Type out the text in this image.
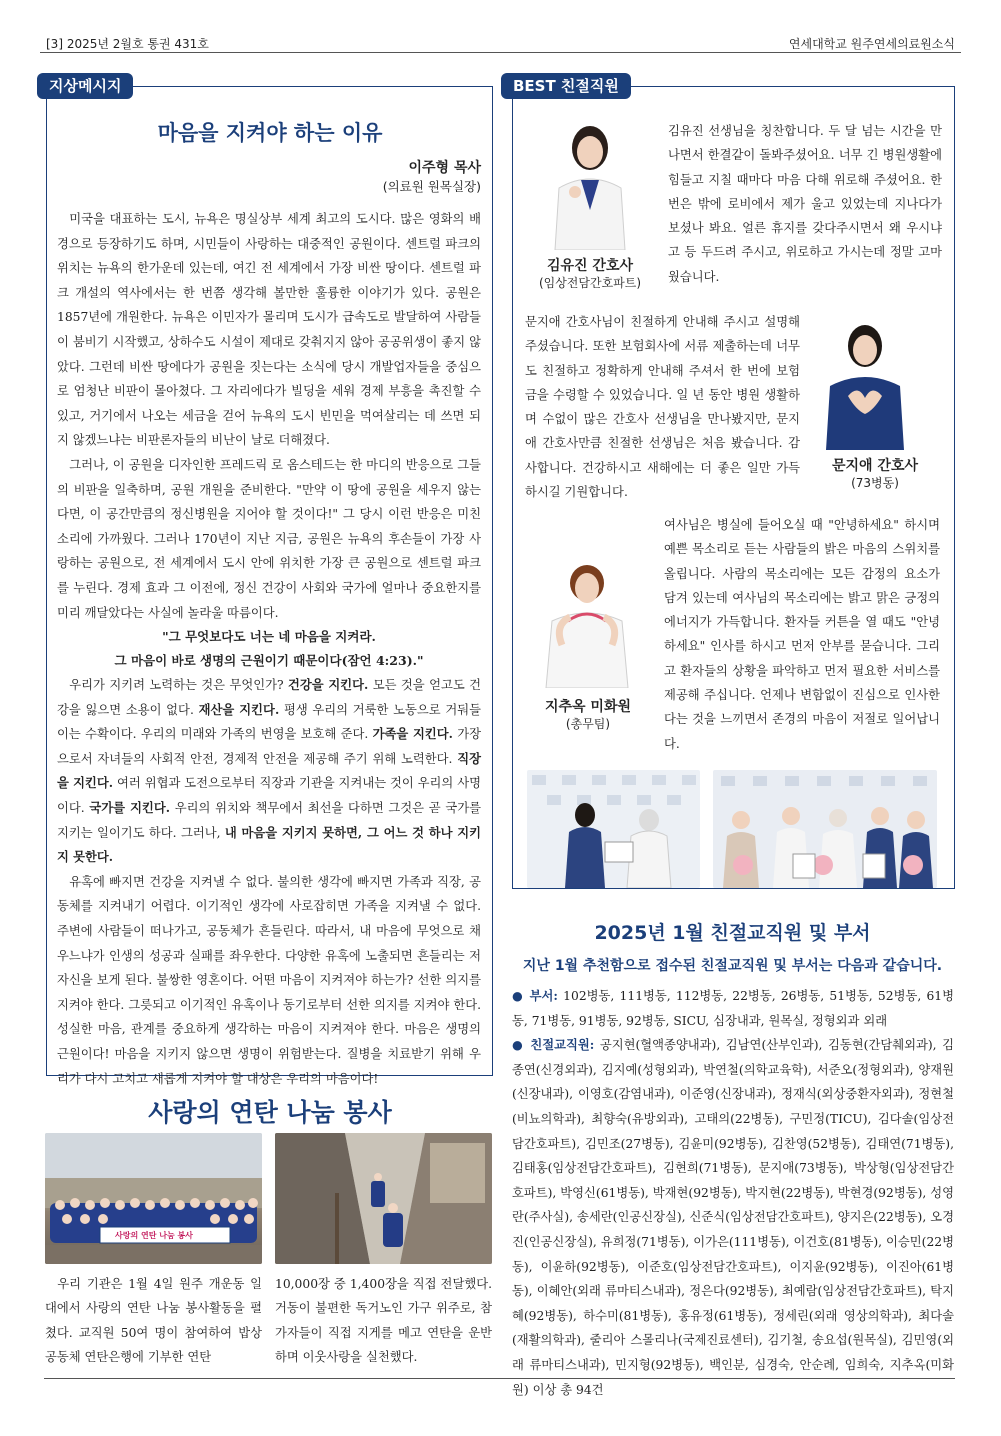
[3] 2025년 2월호 통권 431호	연세대학교 원주연세의료원소식
지상메시지
마음을 지켜야 하는 이유
이주형 목사
(의료원 원목실장)

미국을 대표하는 도시, 뉴욕은 명실상부 세계 최고의 도시다. 많은 영화의 배경으로 등장하기도 하며, 시민들이 사랑하는 대중적인 공원이다. 센트럴 파크의 위치는 뉴욕의 한가운데 있는데, 여긴 전 세계에서 가장 비싼 땅이다. 센트럴 파크 개설의 역사에서는 한 번쯤 생각해 볼만한 훌륭한 이야기가 있다. 공원은 1857년에 개원한다. 뉴욕은 이민자가 몰리며 도시가 급속도로 발달하여 사람들이 붐비기 시작했고, 상하수도 시설이 제대로 갖춰지지 않아 공공위생이 좋지 않았다. 그런데 비싼 땅에다가 공원을 짓는다는 소식에 당시 개발업자들을 중심으로 엄청난 비판이 몰아쳤다. 그 자리에다가 빌딩을 세워 경제 부흥을 촉진할 수 있고, 거기에서 나오는 세금을 걷어 뉴욕의 도시 빈민을 먹여살리는 데 쓰면 되지 않겠느냐는 비판론자들의 비난이 날로 더해졌다.

그러나, 이 공원을 디자인한 프레드릭 로 옴스테드는 한 마디의 반응으로 그들의 비판을 일축하며, 공원 개원을 준비한다. "만약 이 땅에 공원을 세우지 않는다면, 이 공간만큼의 정신병원을 지어야 할 것이다!" 그 당시 이런 반응은 미친 소리에 가까웠다. 그러나 170년이 지난 지금, 공원은 뉴욕의 후손들이 가장 사랑하는 공원으로, 전 세계에서 도시 안에 위치한 가장 큰 공원으로 센트럴 파크를 누린다. 경제 효과 그 이전에, 정신 건강이 사회와 국가에 얼마나 중요한지를 미리 깨달았다는 사실에 놀라울 따름이다.

"그 무엇보다도 너는 네 마음을 지켜라.
그 마음이 바로 생명의 근원이기 때문이다(잠언 4:23)."

우리가 지키려 노력하는 것은 무엇인가? 건강을 지킨다. 모든 것을 얻고도 건강을 잃으면 소용이 없다. 재산을 지킨다. 평생 우리의 거룩한 노동으로 거둬들이는 수확이다. 우리의 미래와 가족의 번영을 보호해 준다. 가족을 지킨다. 가장으로서 자녀들의 사회적 안전, 경제적 안전을 제공해 주기 위해 노력한다. 직장을 지킨다. 여러 위협과 도전으로부터 직장과 기관을 지켜내는 것이 우리의 사명이다. 국가를 지킨다. 우리의 위치와 책무에서 최선을 다하면 그것은 곧 국가를 지키는 일이기도 하다. 그러나, 내 마음을 지키지 못하면, 그 어느 것 하나 지키지 못한다.

유혹에 빠지면 건강을 지켜낼 수 없다. 불의한 생각에 빠지면 가족과 직장, 공동체를 지켜내기 어렵다. 이기적인 생각에 사로잡히면 가족을 지켜낼 수 없다. 주변에 사람들이 떠나가고, 공동체가 흔들린다. 따라서, 내 마음에 무엇으로 채우느냐가 인생의 성공과 실패를 좌우한다. 다양한 유혹에 노출되면 흔들리는 저 자신을 보게 된다. 불쌍한 영혼이다. 어떤 마음이 지켜져야 하는가? 선한 의지를 지켜야 한다. 그릇되고 이기적인 유혹이나 동기로부터 선한 의지를 지켜야 한다. 성실한 마음, 관계를 중요하게 생각하는 마음이 지켜져야 한다. 마음은 생명의 근원이다! 마음을 지키지 않으면 생명이 위험받는다. 질병을 치료받기 위해 우리가 다시 고치고 새롭게 지켜야 할 대상은 우리의 마음이다!

사랑의 연탄 나눔 봉사
사랑의 연탄 나눔 봉사
우리 기관은 1월 4일 원주 개운동 일대에서 사랑의 연탄 나눔 봉사활동을 펼쳤다. 교직원 50여 명이 참여하여 밥상공동체 연탄은행에 기부한 연탄
10,000장 중 1,400장을 직접 전달했다. 거동이 불편한 독거노인 가구 위주로, 참가자들이 직접 지게를 메고 연탄을 운반하며 이웃사랑을 실천했다.
BEST 친절직원
김유진 간호사
(임상전담간호파트)
김유진 선생님을 칭찬합니다. 두 달 넘는 시간을 만나면서 한결같이 돌봐주셨어요. 너무 긴 병원생활에 힘들고 지칠 때마다 마음 다해 위로해 주셨어요. 한번은 밖에 로비에서 제가 울고 있었는데 지나다가 보셨나 봐요. 얼른 휴지를 갖다주시면서 왜 우시냐고 등 두드려 주시고, 위로하고 가시는데 정말 고마웠습니다.
문지애 간호사님이 친절하게 안내해 주시고 설명해 주셨습니다. 또한 보험회사에 서류 제출하는데 너무도 친절하고 정확하게 안내해 주셔서 한 번에 보험금을 수령할 수 있었습니다. 일 년 동안 병원 생활하며 수없이 많은 간호사 선생님을 만나봤지만, 문지애 간호사만큼 친절한 선생님은 처음 봤습니다. 감사합니다. 건강하시고 새해에는 더 좋은 일만 가득하시길 기원합니다.
문지애 간호사
(73병동)
지추옥 미화원
(총무팀)
여사님은 병실에 들어오실 때 "안녕하세요" 하시며 예쁜 목소리로 듣는 사람들의 밝은 마음의 스위치를 올립니다. 사람의 목소리에는 모든 감정의 요소가 담겨 있는데 여사님의 목소리에는 밝고 맑은 긍정의 에너지가 가득합니다. 환자들 커튼을 열 때도 "안녕하세요" 인사를 하시고 먼저 안부를 묻습니다. 그리고 환자들의 상황을 파악하고 먼저 필요한 서비스를 제공해 주십니다. 언제나 변함없이 진심으로 인사한다는 것을 느끼면서 존경의 마음이 저절로 일어납니다.
2025년 1월 친절교직원 및 부서
지난 1월 추천함으로 접수된 친절교직원 및 부서는 다음과 같습니다.
● 부서: 102병동, 111병동, 112병동, 22병동, 26병동, 51병동, 52병동, 61병동, 71병동, 91병동, 92병동, SICU, 심장내과, 원목실, 정형외과 외래
● 친절교직원: 공지현(혈액종양내과), 김남연(산부인과), 김동현(간담췌외과), 김종연(신경외과), 김지예(성형외과), 박연철(의학교육학), 서준오(정형외과), 양재원(신장내과), 이영호(감염내과), 이준영(신장내과), 정재식(외상중환자외과), 정현철(비뇨의학과), 최향숙(유방외과), 고태의(22병동), 구민정(TICU), 김다솔(임상전담간호파트), 김민조(27병동), 김윤미(92병동), 김찬영(52병동), 김태연(71병동), 김태홍(임상전담간호파트), 김현희(71병동), 문지애(73병동), 박상형(임상전담간호파트), 박영신(61병동), 박재현(92병동), 박지현(22병동), 박현경(92병동), 성영란(주사실), 송세란(인공신장실), 신준식(임상전담간호파트), 양지은(22병동), 오경진(인공신장실), 유희정(71병동), 이가은(111병동), 이건호(81병동), 이승민(22병동), 이윤하(92병동), 이준호(임상전담간호파트), 이지윤(92병동), 이진아(61병동), 이혜안(외래 류마티스내과), 정은다(92병동), 최예람(임상전담간호파트), 탁지혜(92병동), 하수미(81병동), 홍유정(61병동), 정세린(외래 영상의학과), 최다솔(재활의학과), 줄리아 스몰리나(국제진료센터), 김기철, 송요섭(원목실), 김민영(외래 류마티스내과), 민지형(92병동), 백인분, 심경숙, 안순례, 임희숙, 지추옥(미화원) 이상 총 94건
